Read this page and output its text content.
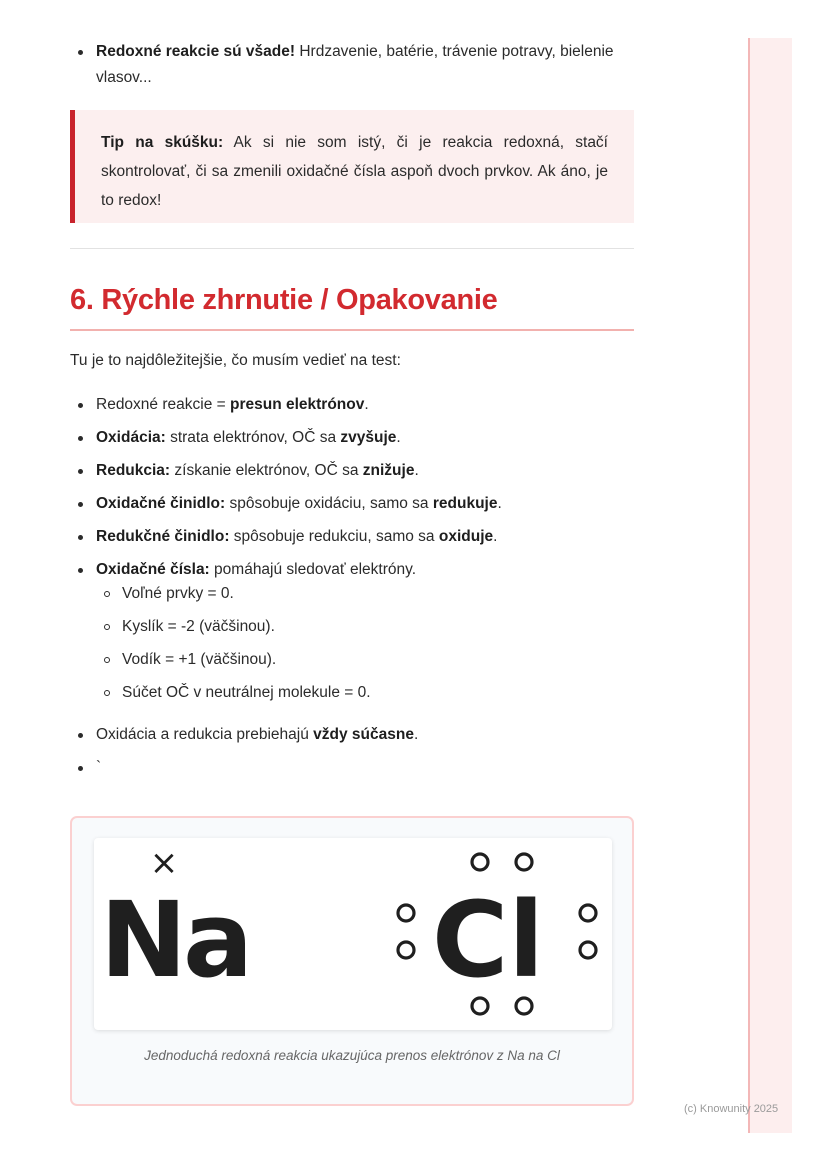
Redoxné reakcie sú všade! Hrdzavenie, batérie, trávenie potravy, bielenie vlasov...
Tip na skúšku: Ak si nie som istý, či je reakcia redoxná, stačí skontrolovať, či sa zmenili oxidačné čísla aspoň dvoch prvkov. Ak áno, je to redox!
6. Rýchle zhrnutie / Opakovanie
Tu je to najdôležitejšie, čo musím vedieť na test:
Redoxné reakcie = presun elektrónov.
Oxidácia: strata elektrónov, OČ sa zvyšuje.
Redukcia: získanie elektrónov, OČ sa znižuje.
Oxidačné činidlo: spôsobuje oxidáciu, samo sa redukuje.
Redukčné činidlo: spôsobuje redukciu, samo sa oxiduje.
Oxidačné čísla: pomáhajú sledovať elektróny.
Voľné prvky = 0.
Kyslík = -2 (väčšinou).
Vodík = +1 (väčšinou).
Súčet OČ v neutrálnej molekule = 0.
Oxidácia a redukcia prebiehajú vždy súčasne.
`
×
Na Cl
Jednoduchá redoxná reakcia ukazujúca prenos elektrónov z Na na Cl
(c) Knowunity 2025
